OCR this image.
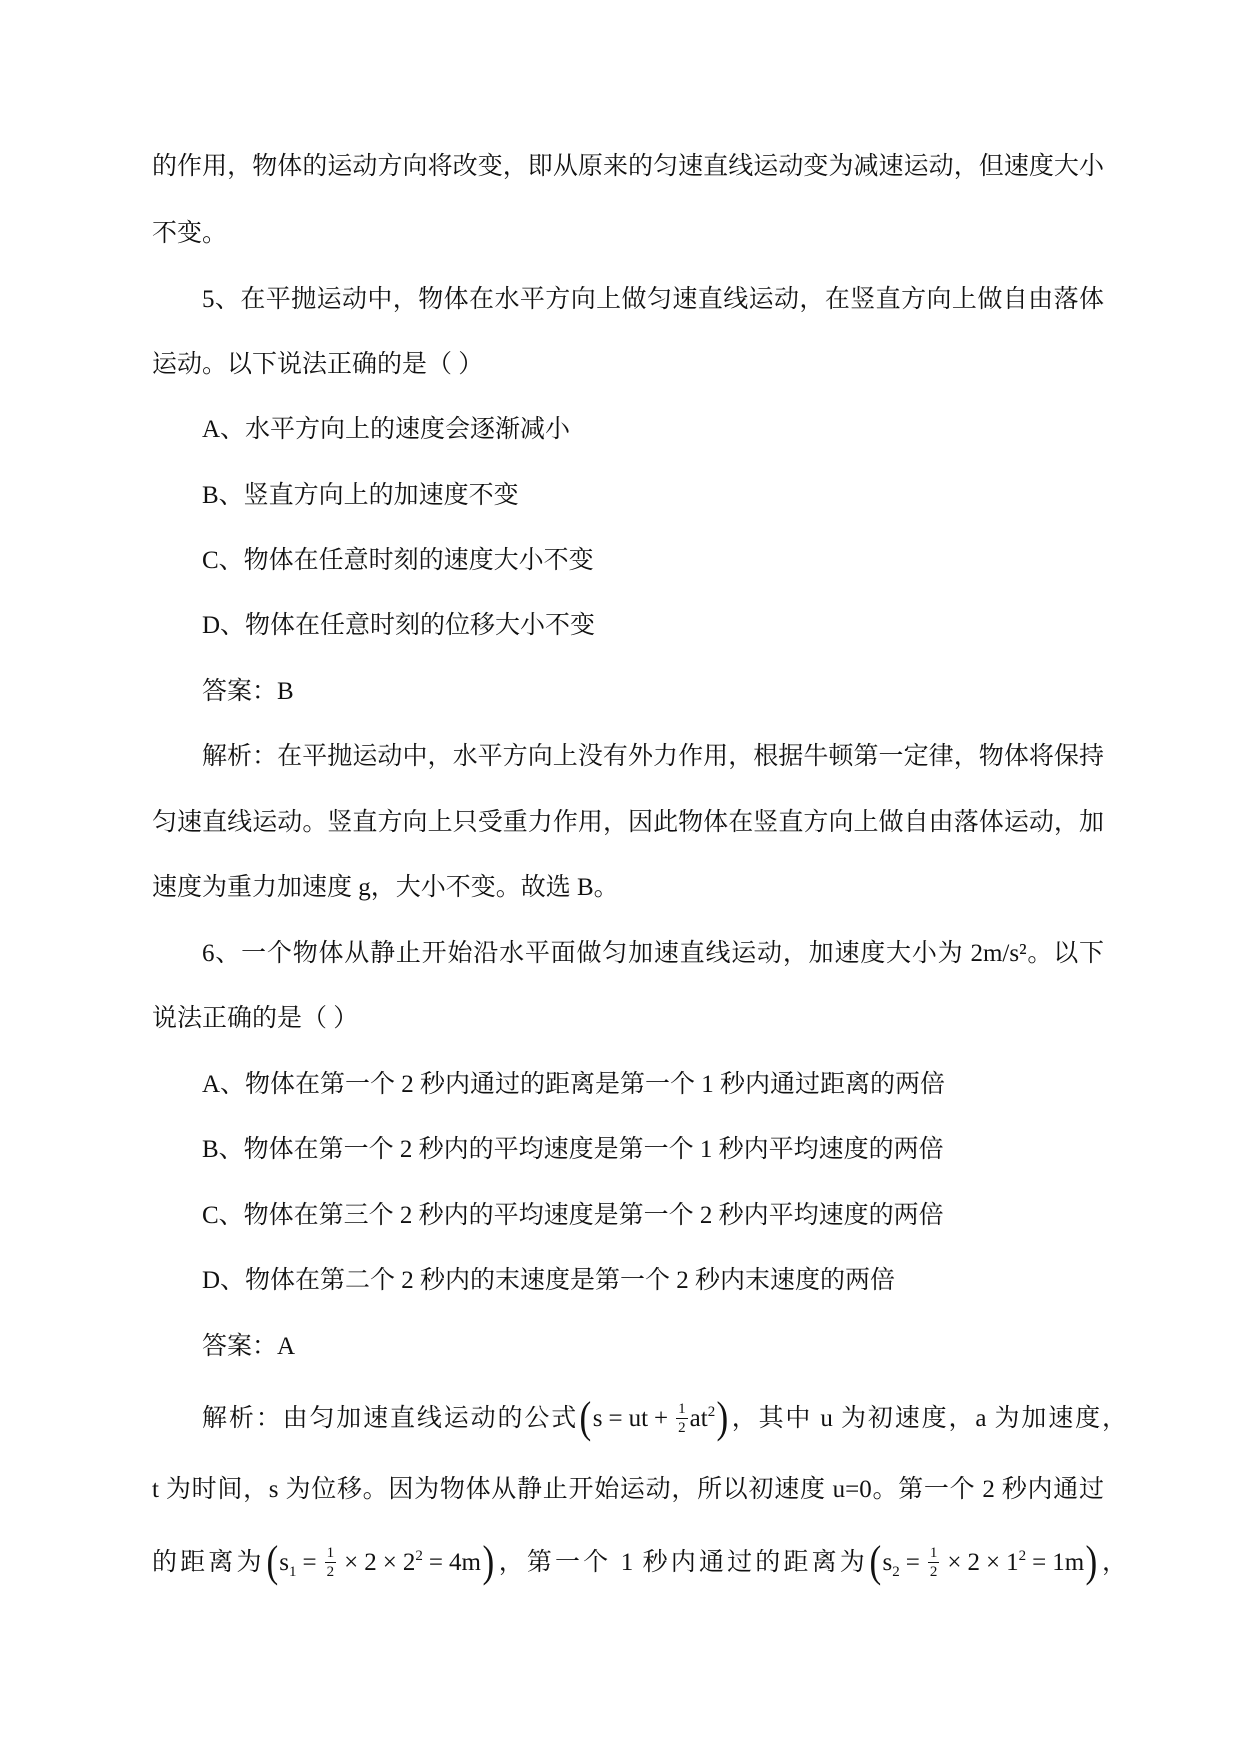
的作用，物体的运动方向将改变，即从原来的匀速直线运动变为减速运动，但速度大小
不变。
5、在平抛运动中，物体在水平方向上做匀速直线运动，在竖直方向上做自由落体
运动。以下说法正确的是（ ）
A、水平方向上的速度会逐渐减小
B、竖直方向上的加速度不变
C、物体在任意时刻的速度大小不变
D、物体在任意时刻的位移大小不变
答案：B
解析：在平抛运动中，水平方向上没有外力作用，根据牛顿第一定律，物体将保持
匀速直线运动。竖直方向上只受重力作用，因此物体在竖直方向上做自由落体运动，加
速度为重力加速度 g，大小不变。故选 B。
6、一个物体从静止开始沿水平面做匀加速直线运动，加速度大小为 2m/s²。以下
说法正确的是（ ）
A、物体在第一个 2 秒内通过的距离是第一个 1 秒内通过距离的两倍
B、物体在第一个 2 秒内的平均速度是第一个 1 秒内平均速度的两倍
C、物体在第三个 2 秒内的平均速度是第一个 2 秒内平均速度的两倍
D、物体在第二个 2 秒内的末速度是第一个 2 秒内末速度的两倍
答案：A
解析：由匀加速直线运动的公式(s = ut + $\frac{1}{2} at^2$)，其中 u 为初速度，a 为加速度，
t 为时间，s 为位移。因为物体从静止开始运动，所以初速度 u=0。第一个 2 秒内通过
的距离为$(s_1 = \frac{1}{2} \times 2 \times 2^2 = 4m)$，第一个 1 秒内通过的距离为$(s_2 = \frac{1}{2} \times 2 \times 1^2 = 1m)$，
